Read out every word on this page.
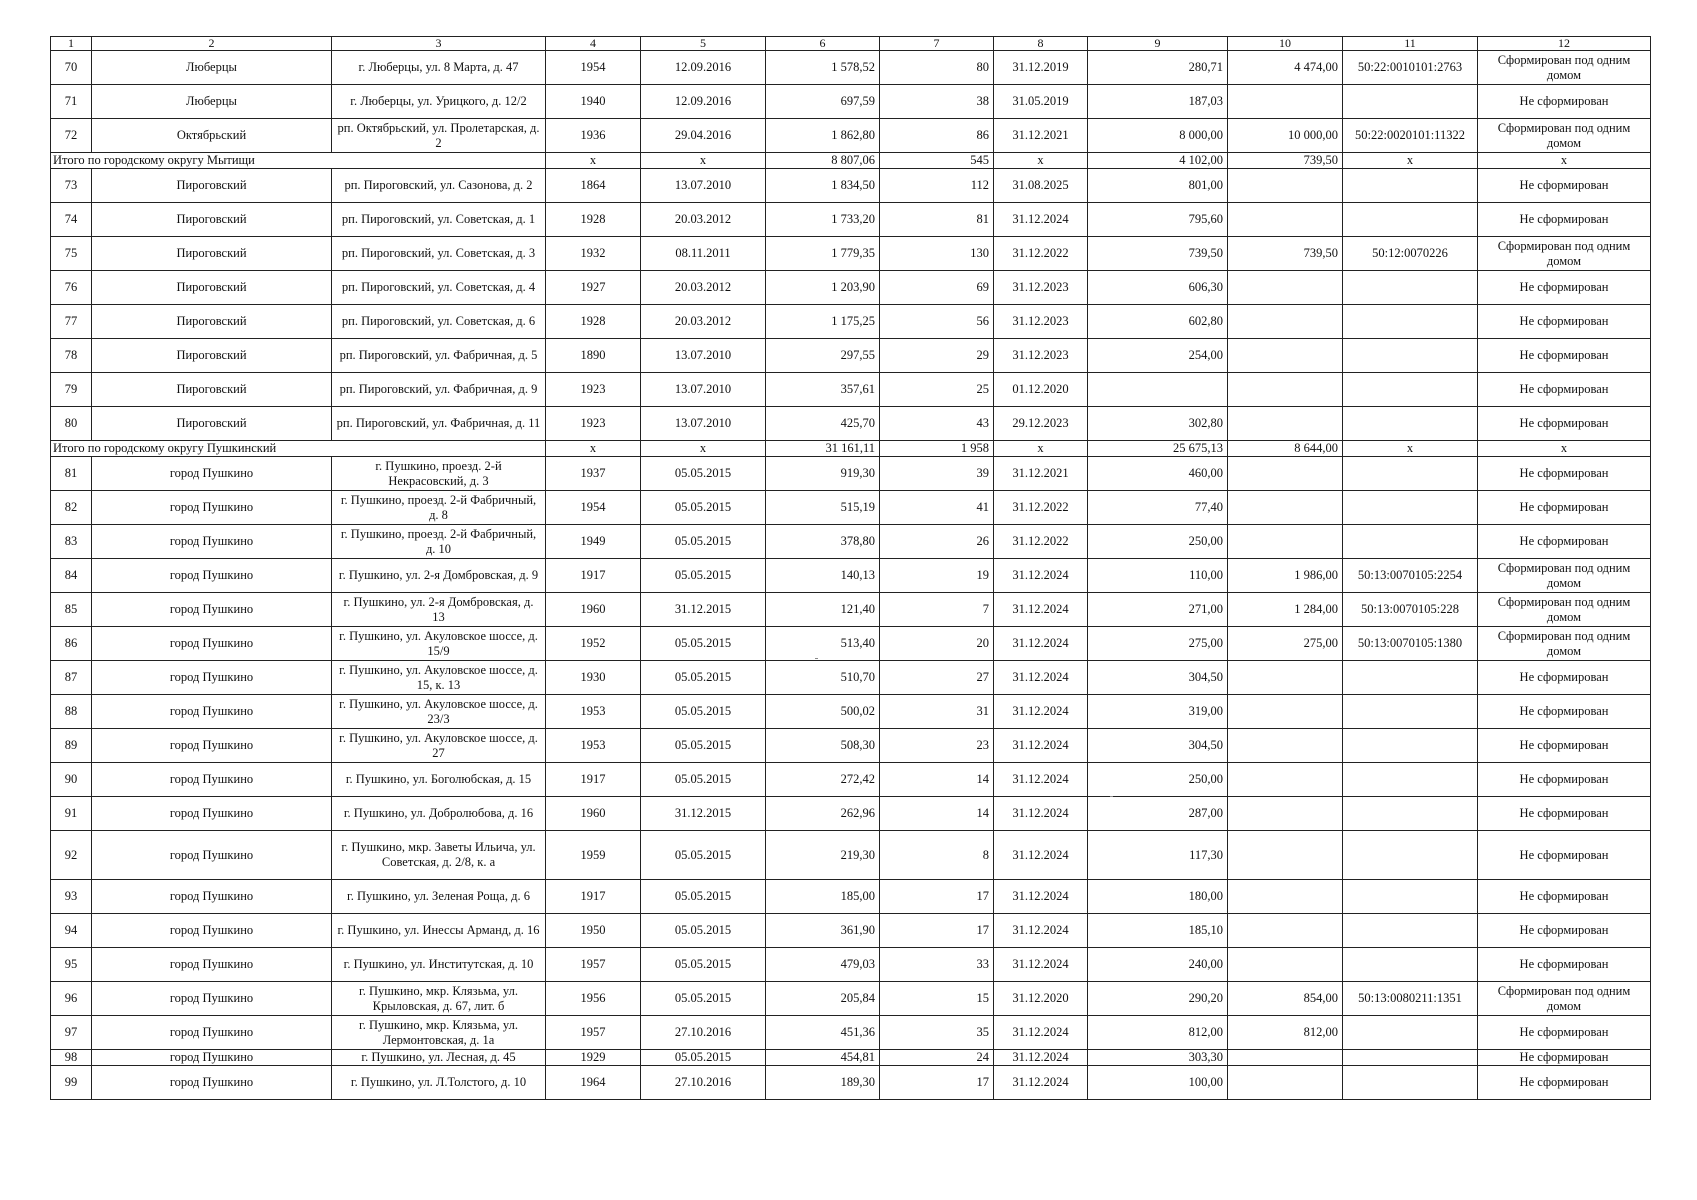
1	2	3	4	5	6	7	8	9	10	11	12
70	Люберцы	г. Люберцы, ул. 8 Марта, д. 47	1954	12.09.2016	1 578,52	80	31.12.2019	280,71	4 474,00	50:22:0010101:2763	Сформирован под одним домом
71	Люберцы	г. Люберцы, ул. Урицкого, д. 12/2	1940	12.09.2016	697,59	38	31.05.2019	187,03			Не сформирован
72	Октябрьский	рп. Октябрьский, ул. Пролетарская, д. 2	1936	29.04.2016	1 862,80	86	31.12.2021	8 000,00	10 000,00	50:22:0020101:11322	Сформирован под одним домом
Итого по городскому округу Мытищи			x	x	8 807,06	545	x	4 102,00	739,50	x	x
73	Пироговский	рп. Пироговский, ул. Сазонова, д. 2	1864	13.07.2010	1 834,50	112	31.08.2025	801,00			Не сформирован
74	Пироговский	рп. Пироговский, ул. Советская, д. 1	1928	20.03.2012	1 733,20	81	31.12.2024	795,60			Не сформирован
75	Пироговский	рп. Пироговский, ул. Советская, д. 3	1932	08.11.2011	1 779,35	130	31.12.2022	739,50	739,50	50:12:0070226	Сформирован под одним домом
76	Пироговский	рп. Пироговский, ул. Советская, д. 4	1927	20.03.2012	1 203,90	69	31.12.2023	606,30			Не сформирован
77	Пироговский	рп. Пироговский, ул. Советская, д. 6	1928	20.03.2012	1 175,25	56	31.12.2023	602,80			Не сформирован
78	Пироговский	рп. Пироговский, ул. Фабричная, д. 5	1890	13.07.2010	297,55	29	31.12.2023	254,00			Не сформирован
79	Пироговский	рп. Пироговский, ул. Фабричная, д. 9	1923	13.07.2010	357,61	25	01.12.2020				Не сформирован
80	Пироговский	рп. Пироговский, ул. Фабричная, д. 11	1923	13.07.2010	425,70	43	29.12.2023	302,80			Не сформирован
Итого по городскому округу Пушкинский			x	x	31 161,11	1 958	x	25 675,13	8 644,00	x	x
81	город Пушкино	г. Пушкино, проезд. 2-й Некрасовский, д. 3	1937	05.05.2015	919,30	39	31.12.2021	460,00			Не сформирован
82	город Пушкино	г. Пушкино, проезд. 2-й Фабричный, д. 8	1954	05.05.2015	515,19	41	31.12.2022	77,40			Не сформирован
83	город Пушкино	г. Пушкино, проезд. 2-й Фабричный, д. 10	1949	05.05.2015	378,80	26	31.12.2022	250,00			Не сформирован
84	город Пушкино	г. Пушкино, ул. 2-я Домбровская, д. 9	1917	05.05.2015	140,13	19	31.12.2024	110,00	1 986,00	50:13:0070105:2254	Сформирован под одним домом
85	город Пушкино	г. Пушкино, ул. 2-я Домбровская, д. 13	1960	31.12.2015	121,40	7	31.12.2024	271,00	1 284,00	50:13:0070105:228	Сформирован под одним домом
86	город Пушкино	г. Пушкино, ул. Акуловское шоссе, д. 15/9	1952	05.05.2015	513,40	20	31.12.2024	275,00	275,00	50:13:0070105:1380	Сформирован под одним домом
87	город Пушкино	г. Пушкино, ул. Акуловское шоссе, д. 15, к. 13	1930	05.05.2015	510,70	27	31.12.2024	304,50			Не сформирован
88	город Пушкино	г. Пушкино, ул. Акуловское шоссе, д. 23/3	1953	05.05.2015	500,02	31	31.12.2024	319,00			Не сформирован
89	город Пушкино	г. Пушкино, ул. Акуловское шоссе, д. 27	1953	05.05.2015	508,30	23	31.12.2024	304,50			Не сформирован
90	город Пушкино	г. Пушкино, ул. Боголюбская, д. 15	1917	05.05.2015	272,42	14	31.12.2024	250,00			Не сформирован
91	город Пушкино	г. Пушкино, ул. Добролюбова, д. 16	1960	31.12.2015	262,96	14	31.12.2024	287,00			Не сформирован
92	город Пушкино	г. Пушкино, мкр. Заветы Ильича, ул. Советская, д. 2/8, к. а	1959	05.05.2015	219,30	8	31.12.2024	117,30			Не сформирован
93	город Пушкино	г. Пушкино, ул. Зеленая Роща, д. 6	1917	05.05.2015	185,00	17	31.12.2024	180,00			Не сформирован
94	город Пушкино	г. Пушкино, ул. Инессы Арманд, д. 16	1950	05.05.2015	361,90	17	31.12.2024	185,10			Не сформирован
95	город Пушкино	г. Пушкино, ул. Институтская, д. 10	1957	05.05.2015	479,03	33	31.12.2024	240,00			Не сформирован
96	город Пушкино	г. Пушкино, мкр. Клязьма, ул. Крыловская, д. 67, лит. б	1956	05.05.2015	205,84	15	31.12.2020	290,20	854,00	50:13:0080211:1351	Сформирован под одним домом
97	город Пушкино	г. Пушкино, мкр. Клязьма, ул. Лермонтовская, д. 1а	1957	27.10.2016	451,36	35	31.12.2024	812,00	812,00		Не сформирован
98	город Пушкино	г. Пушкино, ул. Лесная, д. 45	1929	05.05.2015	454,81	24	31.12.2024	303,30			Не сформирован
99	город Пушкино	г. Пушкино, ул. Л.Толстого, д. 10	1964	27.10.2016	189,30	17	31.12.2024	100,00			Не сформирован
